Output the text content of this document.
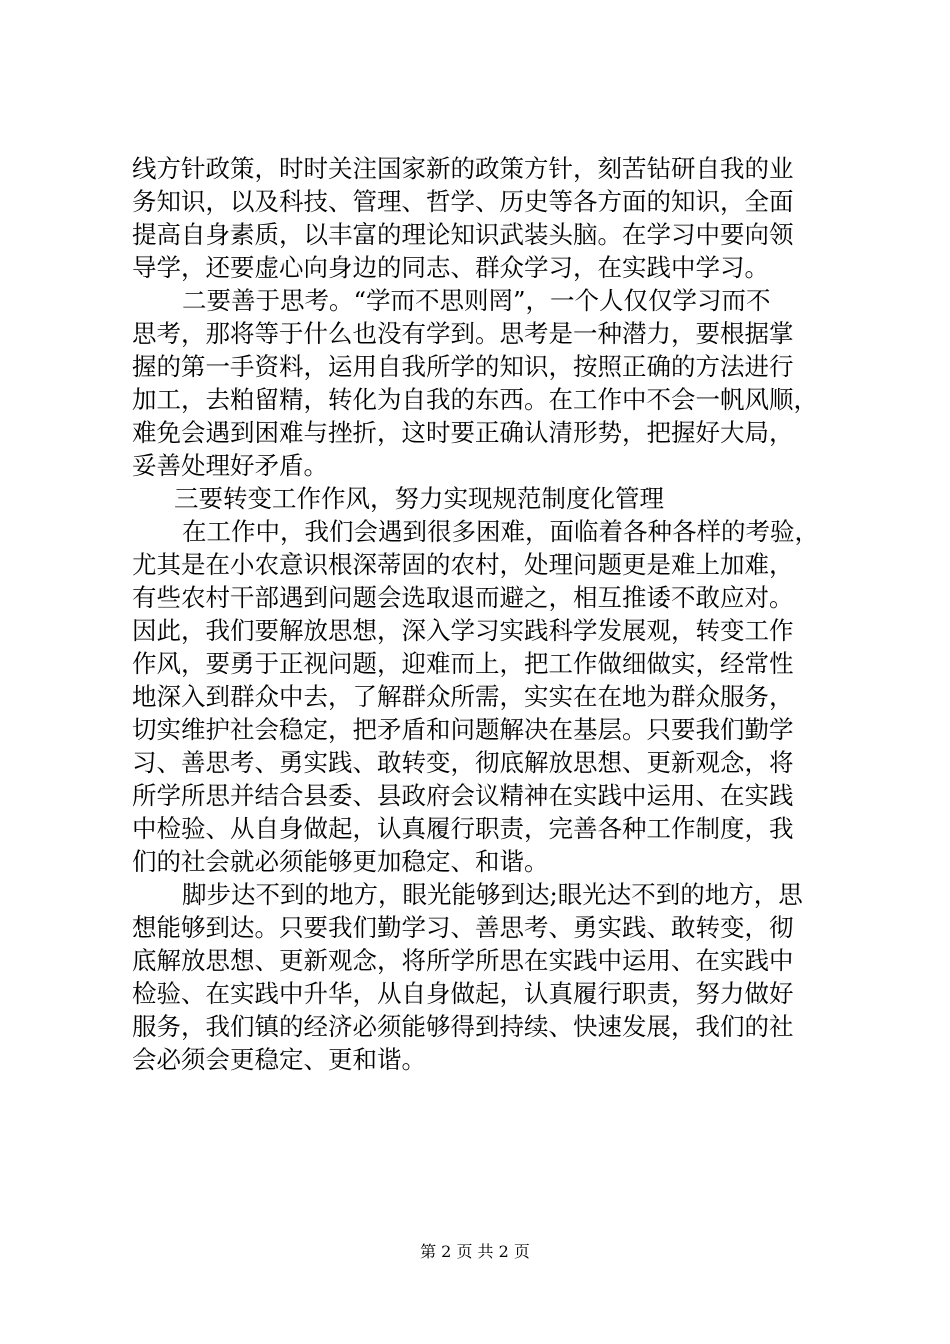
线方针政策，时时关注国家新的政策方针，刻苦钻研自我的业
务知识，以及科技、管理、哲学、历史等各方面的知识，全面
提高自身素质，以丰富的理论知识武装头脑。在学习中要向领
导学，还要虚心向身边的同志、群众学习，在实践中学习。
二要善于思考。“学而不思则罔”，一个人仅仅学习而不
思考，那将等于什么也没有学到。思考是一种潜力，要根据掌
握的第一手资料，运用自我所学的知识，按照正确的方法进行
加工，去粕留精，转化为自我的东西。在工作中不会一帆风顺，
难免会遇到困难与挫折，这时要正确认清形势，把握好大局，
妥善处理好矛盾。
三要转变工作作风，努力实现规范制度化管理
在工作中，我们会遇到很多困难，面临着各种各样的考验，
尤其是在小农意识根深蒂固的农村，处理问题更是难上加难，
有些农村干部遇到问题会选取退而避之，相互推诿不敢应对。
因此，我们要解放思想，深入学习实践科学发展观，转变工作
作风，要勇于正视问题，迎难而上，把工作做细做实，经常性
地深入到群众中去，了解群众所需，实实在在地为群众服务，
切实维护社会稳定，把矛盾和问题解决在基层。只要我们勤学
习、善思考、勇实践、敢转变，彻底解放思想、更新观念，将
所学所思并结合县委、县政府会议精神在实践中运用、在实践
中检验、从自身做起，认真履行职责，完善各种工作制度，我
们的社会就必须能够更加稳定、和谐。
脚步达不到的地方，眼光能够到达;眼光达不到的地方，思
想能够到达。只要我们勤学习、善思考、勇实践、敢转变，彻
底解放思想、更新观念，将所学所思在实践中运用、在实践中
检验、在实践中升华，从自身做起，认真履行职责，努力做好
服务，我们镇的经济必须能够得到持续、快速发展，我们的社
会必须会更稳定、更和谐。
第 2 页 共 2 页
